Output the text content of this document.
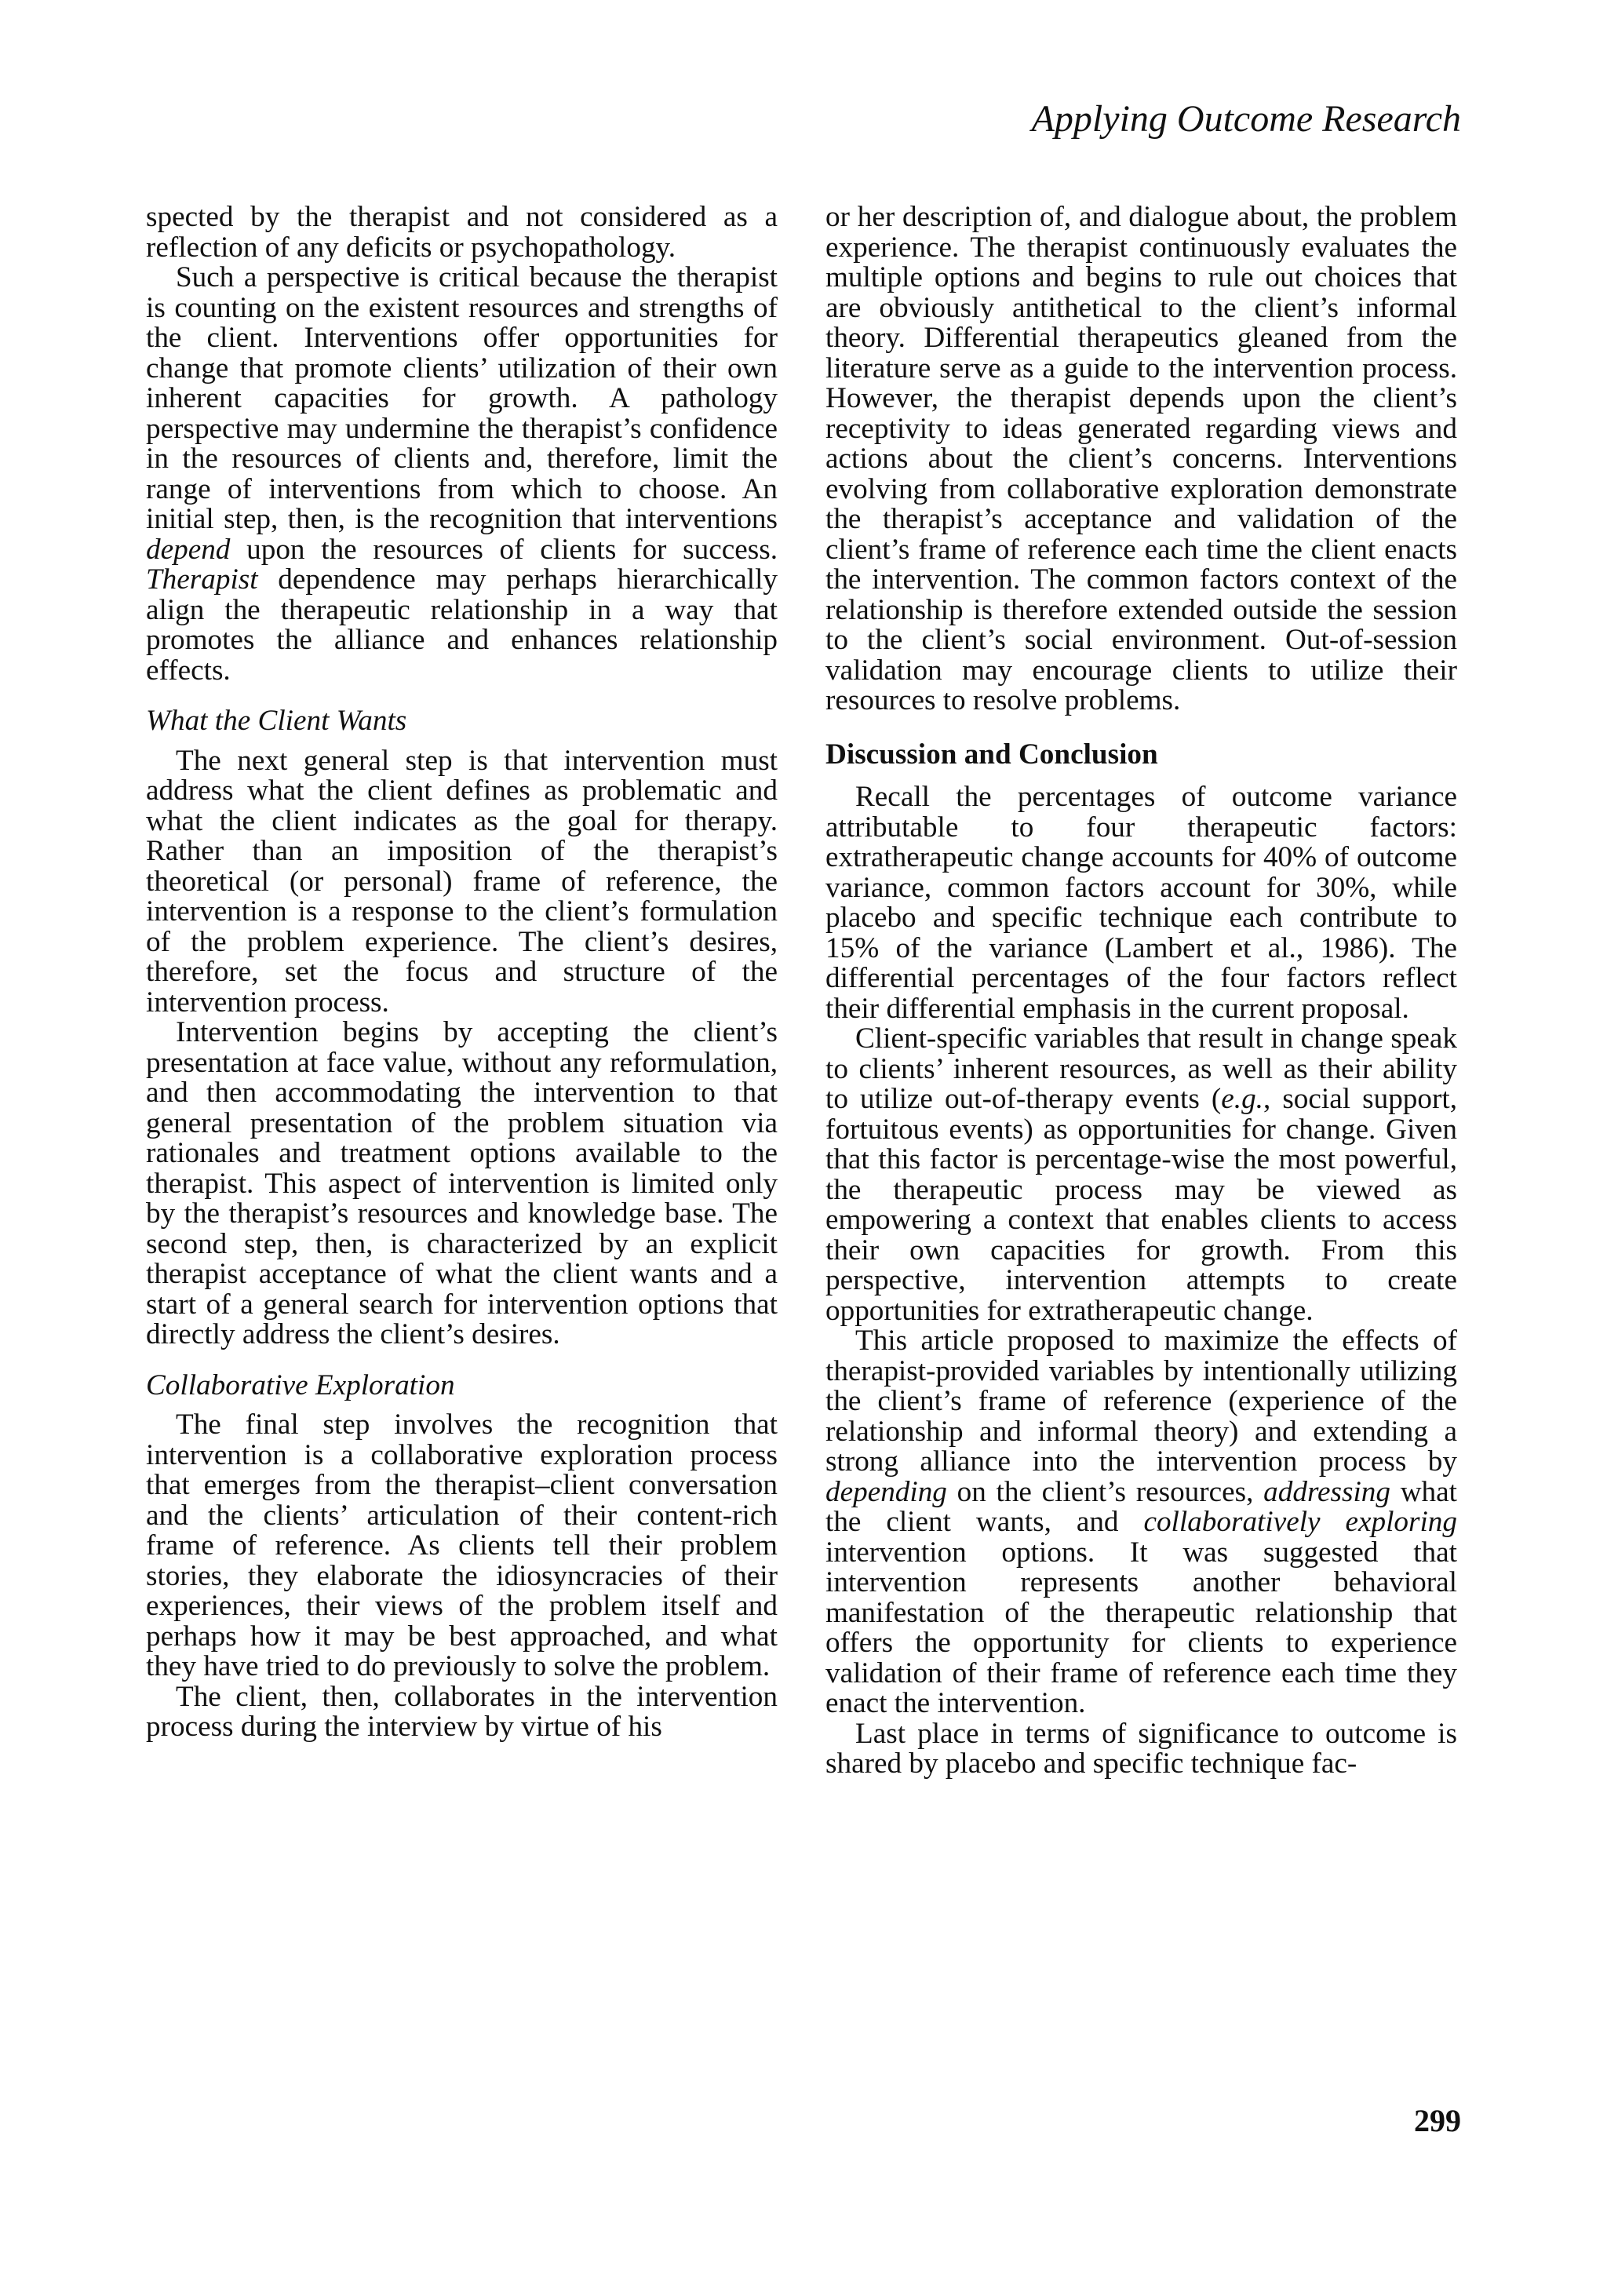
Applying Outcome Research

spected by the therapist and not considered as a reflection of any deficits or psychopathology.

Such a perspective is critical because the therapist is counting on the existent resources and strengths of the client. Interventions offer opportunities for change that promote clients’ utilization of their own inherent capacities for growth. A pathology perspective may undermine the therapist’s confidence in the resources of clients and, therefore, limit the range of interventions from which to choose. An initial step, then, is the recognition that interventions depend upon the resources of clients for success. Therapist dependence may perhaps hierarchically align the therapeutic relationship in a way that promotes the alliance and enhances relationship effects.

What the Client Wants

The next general step is that intervention must address what the client defines as problematic and what the client indicates as the goal for therapy. Rather than an imposition of the therapist’s theoretical (or personal) frame of reference, the intervention is a response to the client’s formulation of the problem experience. The client’s desires, therefore, set the focus and structure of the intervention process.

Intervention begins by accepting the client’s presentation at face value, without any reformulation, and then accommodating the intervention to that general presentation of the problem situation via rationales and treatment options available to the therapist. This aspect of intervention is limited only by the therapist’s resources and knowledge base. The second step, then, is characterized by an explicit therapist acceptance of what the client wants and a start of a general search for intervention options that directly address the client’s desires.

Collaborative Exploration

The final step involves the recognition that intervention is a collaborative exploration process that emerges from the therapist–client conversation and the clients’ articulation of their content-rich frame of reference. As clients tell their problem stories, they elaborate the idiosyncracies of their experiences, their views of the problem itself and perhaps how it may be best approached, and what they have tried to do previously to solve the problem.

The client, then, collaborates in the intervention process during the interview by virtue of his

or her description of, and dialogue about, the problem experience. The therapist continuously evaluates the multiple options and begins to rule out choices that are obviously antithetical to the client’s informal theory. Differential therapeutics gleaned from the literature serve as a guide to the intervention process. However, the therapist depends upon the client’s receptivity to ideas generated regarding views and actions about the client’s concerns. Interventions evolving from collaborative exploration demonstrate the therapist’s acceptance and validation of the client’s frame of reference each time the client enacts the intervention. The common factors context of the relationship is therefore extended outside the session to the client’s social environment. Out-of-session validation may encourage clients to utilize their resources to resolve problems.

Discussion and Conclusion

Recall the percentages of outcome variance attributable to four therapeutic factors: extratherapeutic change accounts for 40% of outcome variance, common factors account for 30%, while placebo and specific technique each contribute to 15% of the variance (Lambert et al., 1986). The differential percentages of the four factors reflect their differential emphasis in the current proposal.

Client-specific variables that result in change speak to clients’ inherent resources, as well as their ability to utilize out-of-therapy events (e.g., social support, fortuitous events) as opportunities for change. Given that this factor is percentage-wise the most powerful, the therapeutic process may be viewed as empowering a context that enables clients to access their own capacities for growth. From this perspective, intervention attempts to create opportunities for extratherapeutic change.

This article proposed to maximize the effects of therapist-provided variables by intentionally utilizing the client’s frame of reference (experience of the relationship and informal theory) and extending a strong alliance into the intervention process by depending on the client’s resources, addressing what the client wants, and collaboratively exploring intervention options. It was suggested that intervention represents another behavioral manifestation of the therapeutic relationship that offers the opportunity for clients to experience validation of their frame of reference each time they enact the intervention.

Last place in terms of significance to outcome is shared by placebo and specific technique fac-

299
